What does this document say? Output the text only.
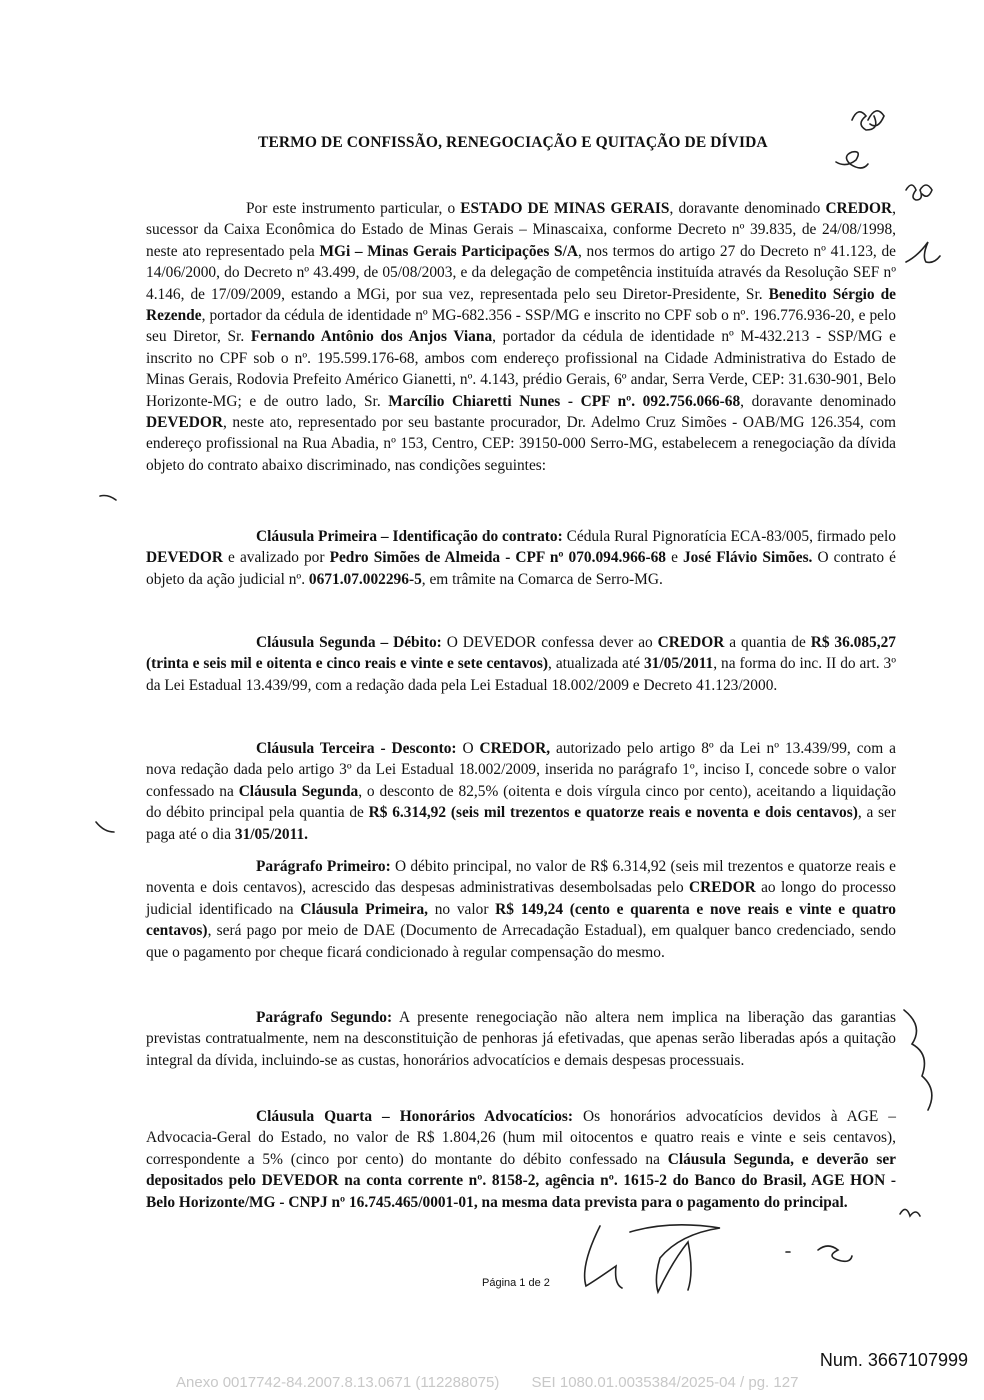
TERMO DE CONFISSÃO, RENEGOCIAÇÃO E QUITAÇÃO DE DÍVIDA

Por este instrumento particular, o ESTADO DE MINAS GERAIS, doravante denominado CREDOR, sucessor da Caixa Econômica do Estado de Minas Gerais – Minascaixa, conforme Decreto nº 39.835, de 24/08/1998, neste ato representado pela MGi – Minas Gerais Participações S/A, nos termos do artigo 27 do Decreto nº 41.123, de 14/06/2000, do Decreto nº 43.499, de 05/08/2003, e da delegação de competência instituída através da Resolução SEF nº 4.146, de 17/09/2009, estando a MGi, por sua vez, representada pelo seu Diretor-Presidente, Sr. Benedito Sérgio de Rezende, portador da cédula de identidade nº MG-682.356 - SSP/MG e inscrito no CPF sob o nº. 196.776.936-20, e pelo seu Diretor, Sr. Fernando Antônio dos Anjos Viana, portador da cédula de identidade nº M-432.213 - SSP/MG e inscrito no CPF sob o nº. 195.599.176-68, ambos com endereço profissional na Cidade Administrativa do Estado de Minas Gerais, Rodovia Prefeito Américo Gianetti, nº. 4.143, prédio Gerais, 6º andar, Serra Verde, CEP: 31.630-901, Belo Horizonte-MG; e de outro lado, Sr. Marcílio Chiaretti Nunes - CPF nº. 092.756.066-68, doravante denominado DEVEDOR, neste ato, representado por seu bastante procurador, Dr. Adelmo Cruz Simões - OAB/MG 126.354, com endereço profissional na Rua Abadia, nº 153, Centro, CEP: 39150-000 Serro-MG, estabelecem a renegociação da dívida objeto do contrato abaixo discriminado, nas condições seguintes:

Cláusula Primeira – Identificação do contrato: Cédula Rural Pignoratícia ECA-83/005, firmado pelo DEVEDOR e avalizado por Pedro Simões de Almeida - CPF nº 070.094.966-68 e José Flávio Simões. O contrato é objeto da ação judicial nº. 0671.07.002296-5, em trâmite na Comarca de Serro-MG.

Cláusula Segunda – Débito: O DEVEDOR confessa dever ao CREDOR a quantia de R$ 36.085,27 (trinta e seis mil e oitenta e cinco reais e vinte e sete centavos), atualizada até 31/05/2011, na forma do inc. II do art. 3º da Lei Estadual 13.439/99, com a redação dada pela Lei Estadual 18.002/2009 e Decreto 41.123/2000.

Cláusula Terceira - Desconto: O CREDOR, autorizado pelo artigo 8º da Lei nº 13.439/99, com a nova redação dada pelo artigo 3º da Lei Estadual 18.002/2009, inserida no parágrafo 1º, inciso I, concede sobre o valor confessado na Cláusula Segunda, o desconto de 82,5% (oitenta e dois vírgula cinco por cento), aceitando a liquidação do débito principal pela quantia de R$ 6.314,92 (seis mil trezentos e quatorze reais e noventa e dois centavos), a ser paga até o dia 31/05/2011.

Parágrafo Primeiro: O débito principal, no valor de R$ 6.314,92 (seis mil trezentos e quatorze reais e noventa e dois centavos), acrescido das despesas administrativas desembolsadas pelo CREDOR ao longo do processo judicial identificado na Cláusula Primeira, no valor R$ 149,24 (cento e quarenta e nove reais e vinte e quatro centavos), será pago por meio de DAE (Documento de Arrecadação Estadual), em qualquer banco credenciado, sendo que o pagamento por cheque ficará condicionado à regular compensação do mesmo.

Parágrafo Segundo: A presente renegociação não altera nem implica na liberação das garantias previstas contratualmente, nem na desconstituição de penhoras já efetivadas, que apenas serão liberadas após a quitação integral da dívida, incluindo-se as custas, honorários advocatícios e demais despesas processuais.

Cláusula Quarta – Honorários Advocatícios: Os honorários advocatícios devidos à AGE – Advocacia-Geral do Estado, no valor de R$ 1.804,26 (hum mil oitocentos e quatro reais e vinte e seis centavos), correspondente a 5% (cinco por cento) do montante do débito confessado na Cláusula Segunda, e deverão ser depositados pelo DEVEDOR na conta corrente nº. 8158-2, agência nº. 1615-2 do Banco do Brasil, AGE HON - Belo Horizonte/MG - CNPJ nº 16.745.465/0001-01, na mesma data prevista para o pagamento do principal.

Página 1 de 2
Num. 3667107999
Anexo 0017742-84.2007.8.13.0671 (112288075) SEI 1080.01.0035384/2025-04 / pg. 127
